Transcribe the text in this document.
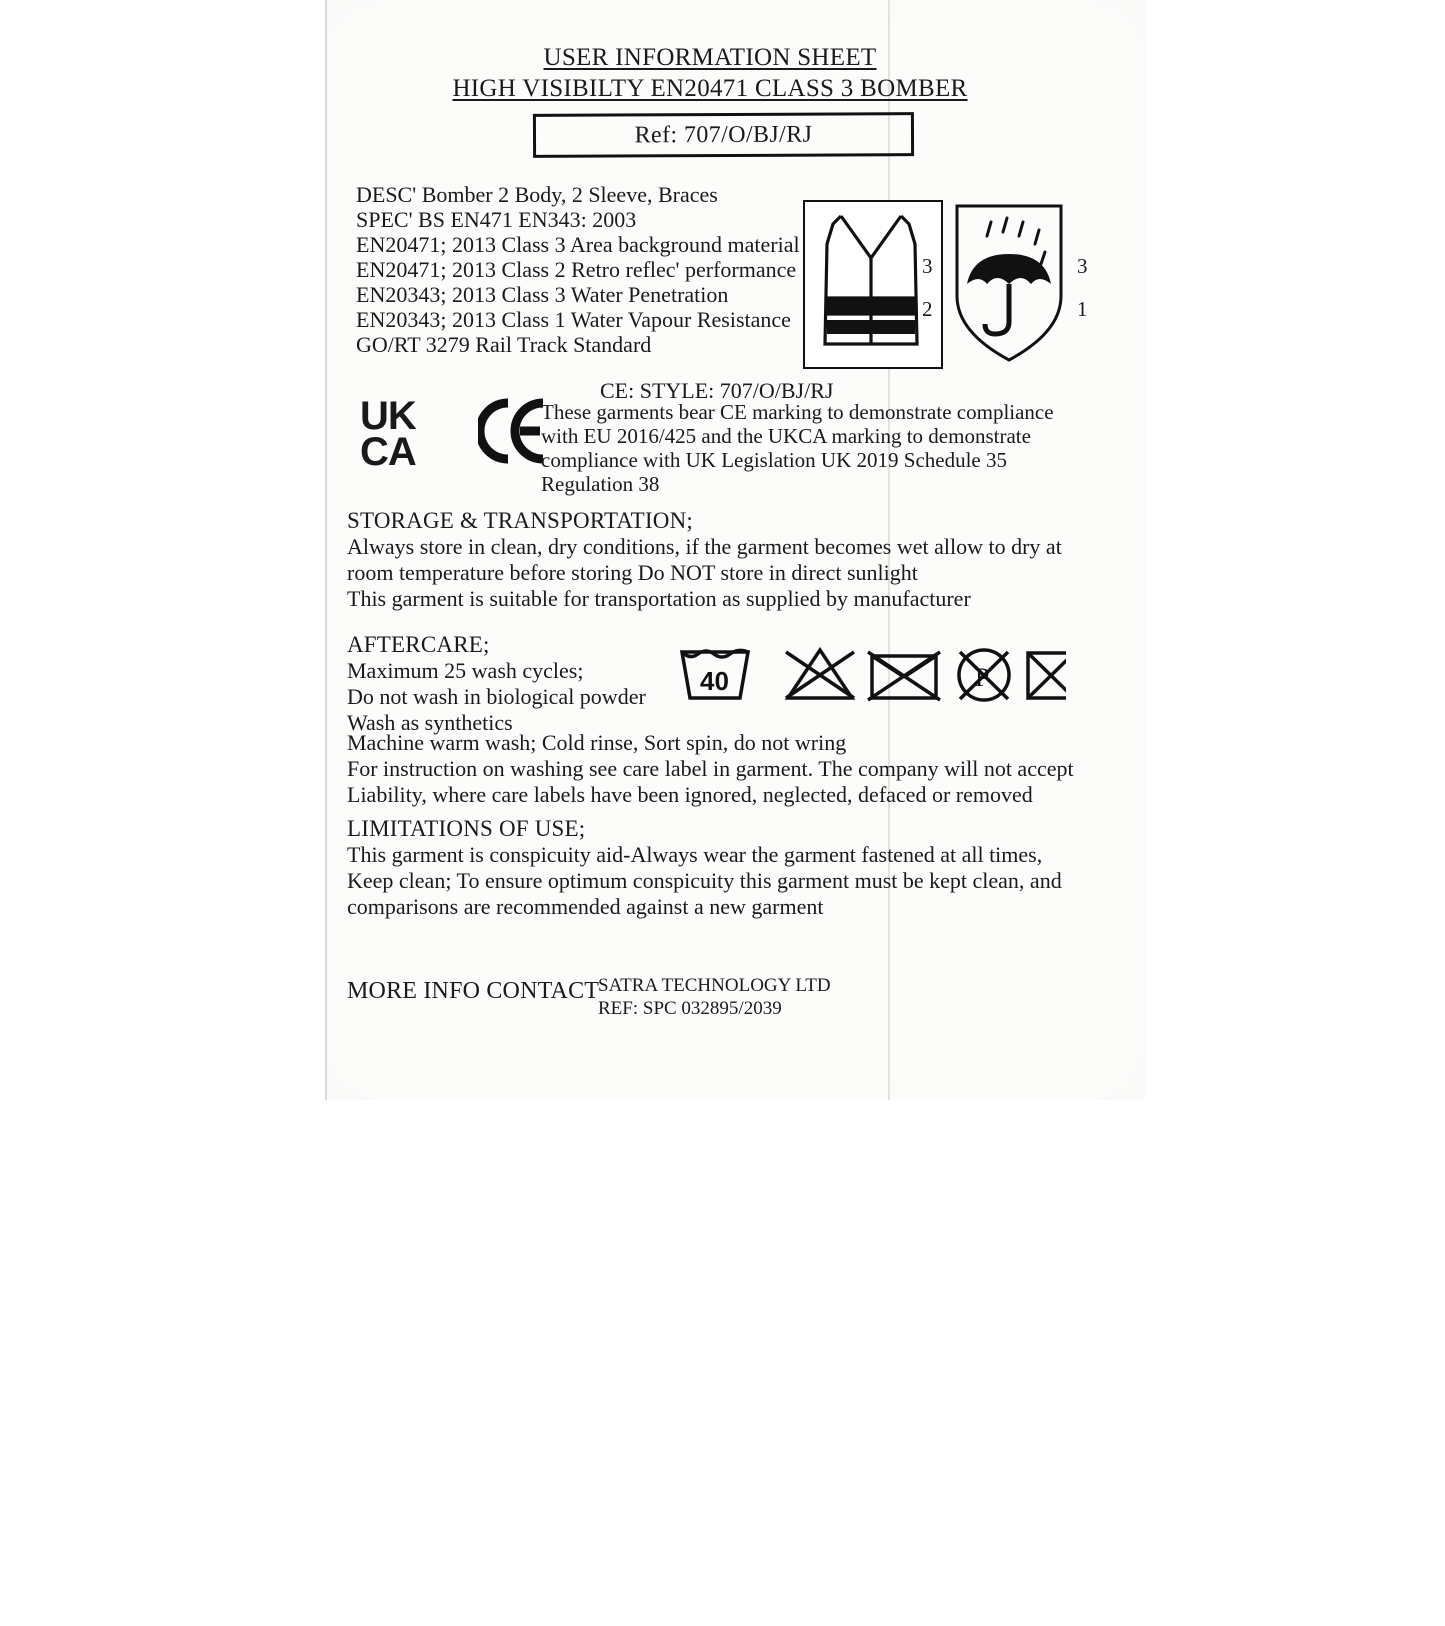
USER INFORMATION SHEET
HIGH VISIBILTY EN20471 CLASS 3 BOMBER
Ref: 707/O/BJ/RJ
DESC' Bomber 2 Body, 2 Sleeve, Braces
SPEC' BS EN471 EN343: 2003
EN20471; 2013 Class 3 Area background material
EN20471; 2013 Class 2 Retro reflec' performance
EN20343; 2013 Class 3 Water Penetration
EN20343; 2013 Class 1 Water Vapour Resistance
GO/RT 3279 Rail Track Standard
3
2
3
1
CE: STYLE: 707/O/BJ/RJ
UK
CA
These garments bear CE marking to demonstrate compliance with EU 2016/425 and the UKCA marking to demonstrate compliance with UK Legislation UK 2019 Schedule 35 Regulation 38
STORAGE & TRANSPORTATION;
Always store in clean, dry conditions, if the garment becomes wet allow to dry at
room temperature before storing Do NOT store in direct sunlight
This garment is suitable for transportation as supplied by manufacturer
AFTERCARE;
Maximum 25 wash cycles;
Do not wash in biological powder
Wash as synthetics
Machine warm wash; Cold rinse, Sort spin, do not wring
For instruction on washing see care label in garment. The company will not accept
Liability, where care labels have been ignored, neglected, defaced or removed
40	P
LIMITATIONS OF USE;
This garment is conspicuity aid-Always wear the garment fastened at all times,
Keep clean; To ensure optimum conspicuity this garment must be kept clean, and
comparisons are recommended against a new garment
MORE INFO CONTACT
SATRA TECHNOLOGY LTD
REF: SPC 032895/2039
